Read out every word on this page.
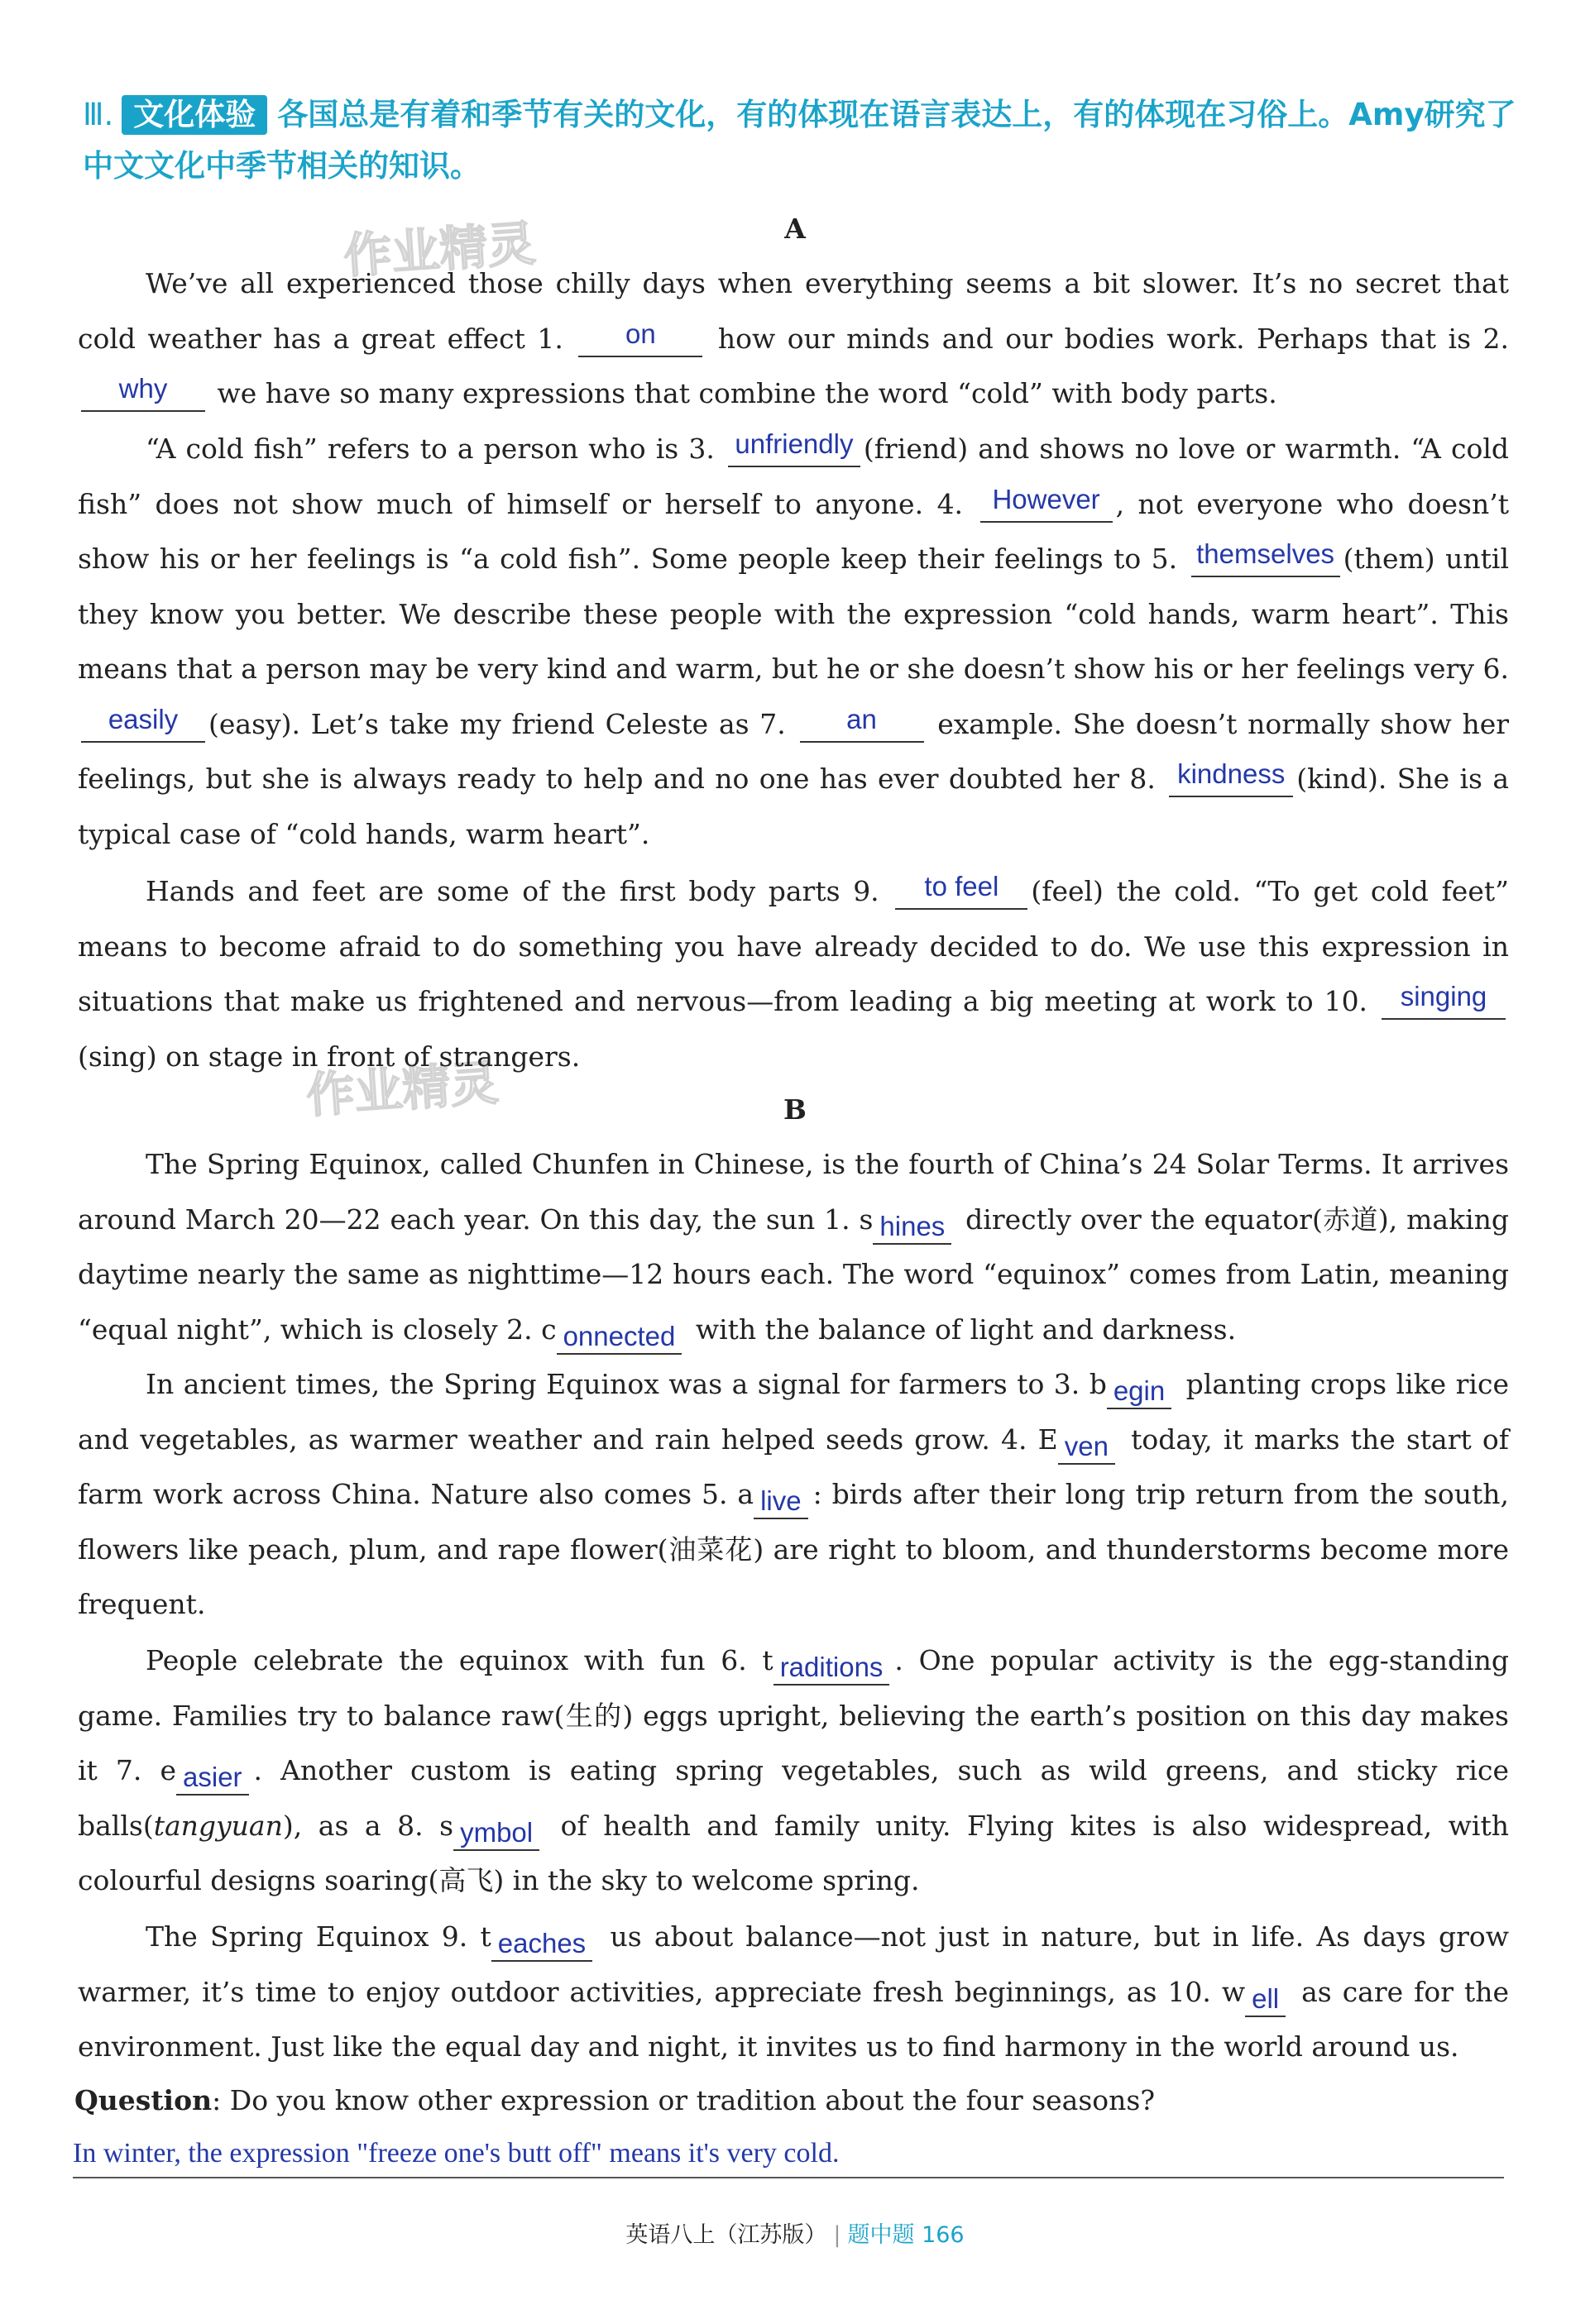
Ⅲ. 文化体验 各国总是有着和季节有关的文化，有的体现在语言表达上，有的体现在习俗上。Amy研究了中文文化中季节相关的知识。
作业精灵
作业精灵
A
We’ve all experienced those chilly days when everything seems a bit slower. It’s no secret that cold weather has a great effect 1. on how our minds and our bodies work. Perhaps that is 2. why we have so many expressions that combine the word “cold” with body parts.
“A cold fish” refers to a person who is 3. unfriendly (friend) and shows no love or warmth. “A cold fish” does not show much of himself or herself to anyone. 4. However , not everyone who doesn’t show his or her feelings is “a cold fish”. Some people keep their feelings to 5. themselves (them) until they know you better. We describe these people with the expression “cold hands, warm heart”. This means that a person may be very kind and warm, but he or she doesn’t show his or her feelings very 6. easily (easy). Let’s take my friend Celeste as 7. an example. She doesn’t normally show her feelings, but she is always ready to help and no one has ever doubted her 8. kindness (kind). She is a typical case of “cold hands, warm heart”.
Hands and feet are some of the first body parts 9. to feel (feel) the cold. “To get cold feet” means to become afraid to do something you have already decided to do. We use this expression in situations that make us frightened and nervous—from leading a big meeting at work to 10. singing (sing) on stage in front of strangers.
B
The Spring Equinox, called Chunfen in Chinese, is the fourth of China’s 24 Solar Terms. It arrives around March 20—22 each year. On this day, the sun 1. s hines directly over the equator(赤道), making daytime nearly the same as nighttime—12 hours each. The word “equinox” comes from Latin, meaning “equal night”, which is closely 2. c onnected with the balance of light and darkness.
In ancient times, the Spring Equinox was a signal for farmers to 3. b egin planting crops like rice and vegetables, as warmer weather and rain helped seeds grow. 4. E ven today, it marks the start of farm work across China. Nature also comes 5. a live : birds after their long trip return from the south, flowers like peach, plum, and rape flower(油菜花) are right to bloom, and thunderstorms become more frequent.
People celebrate the equinox with fun 6. t raditions . One popular activity is the egg-standing game. Families try to balance raw(生的) eggs upright, believing the earth’s position on this day makes it 7. e asier . Another custom is eating spring vegetables, such as wild greens, and sticky rice balls(tangyuan), as a 8. s ymbol of health and family unity. Flying kites is also widespread, with colourful designs soaring(高飞) in the sky to welcome spring.
The Spring Equinox 9. t eaches us about balance—not just in nature, but in life. As days grow warmer, it’s time to enjoy outdoor activities, appreciate fresh beginnings, as 10. w ell as care for the environment. Just like the equal day and night, it invites us to find harmony in the world around us.
Question: Do you know other expression or tradition about the four seasons?
In winter, the expression "freeze one's butt off" means it's very cold.
英语八上（江苏版） | 题中题 166
